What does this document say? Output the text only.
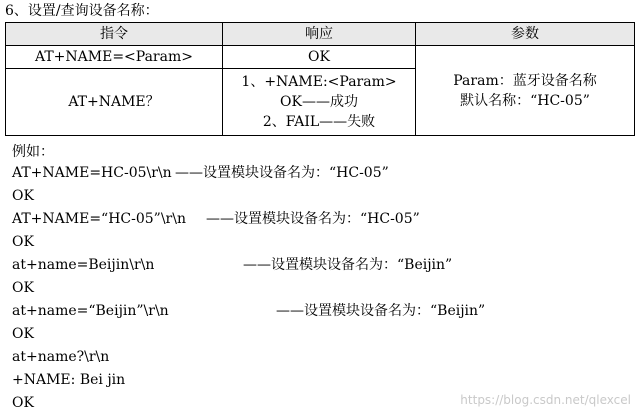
6、设置/查询设备名称：
指令	响应	参数
AT+NAME=<Param>	OK	Param：蓝牙设备名称
默认名称：“HC-05”

AT+NAME？	1、+NAME:<Param>
OK——成功
2、FAIL——失败	
例如：
AT+NAME=HC-05\r\n ——设置模块设备名为：“HC-05”
OK
AT+NAME=“HC-05”\r\n ——设置模块设备名为：“HC-05”
OK
at+name=Beijin\r\n	——设置模块设备名为：“Beijin”
OK
at+name=“Beijin”\r\n	——设置模块设备名为：“Beijin”
OK
at+name?\r\n
+NAME: Bei jin
OK	https://blog.csdn.net/qlexcel
